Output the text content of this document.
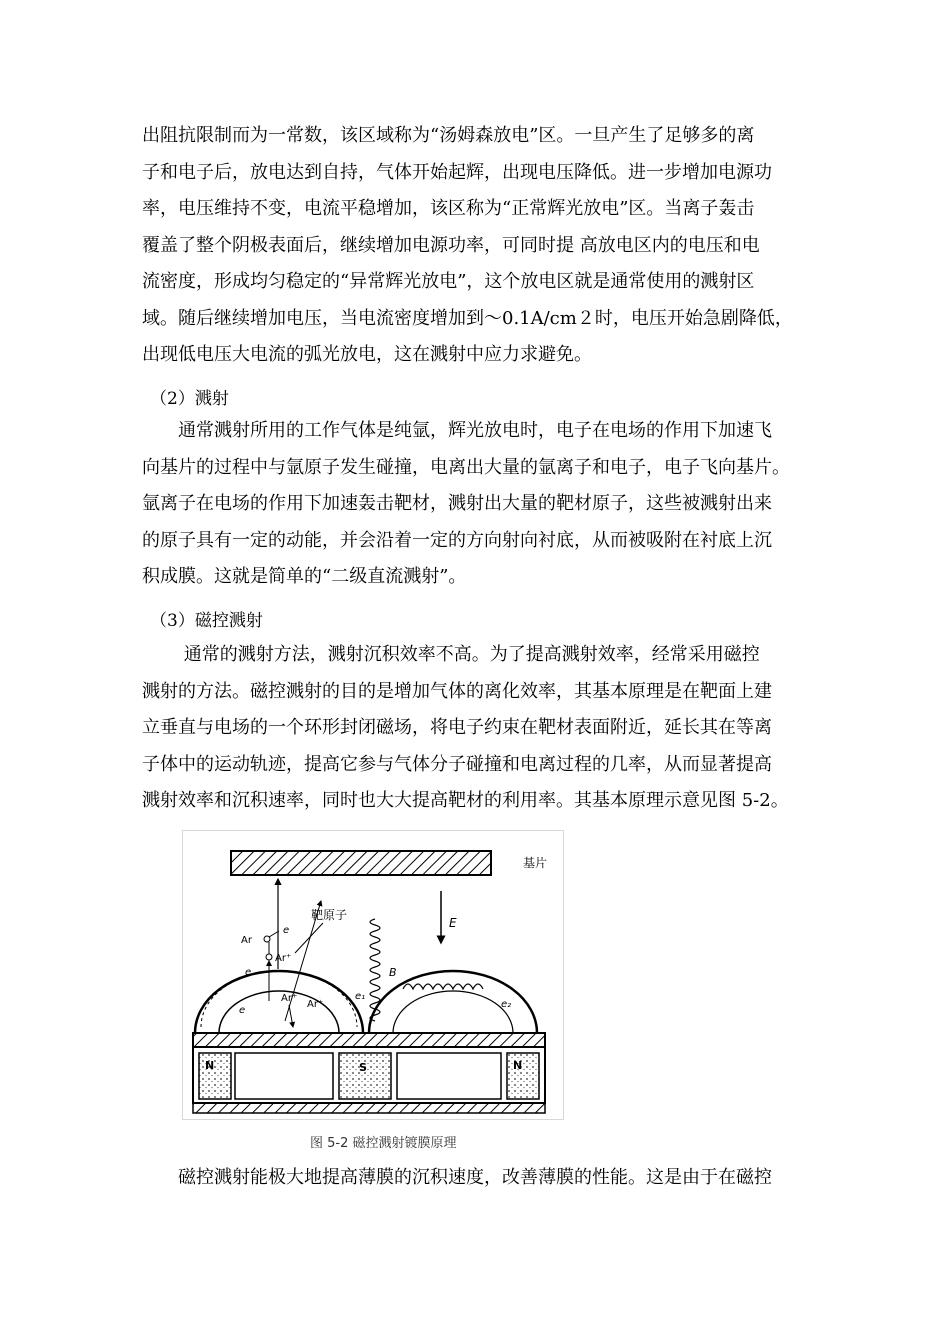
出阻抗限制而为一常数，该区域称为“汤姆森放电”区。一旦产生了足够多的离
子和电子后，放电达到自持，气体开始起辉，出现电压降低。进一步增加电源功
率，电压维持不变，电流平稳增加，该区称为“正常辉光放电”区。当离子轰击
覆盖了整个阴极表面后，继续增加电源功率，可同时提 高放电区内的电压和电
流密度，形成均匀稳定的“异常辉光放电”，这个放电区就是通常使用的溅射区
域。随后继续增加电压，当电流密度增加到～0.1A/cm２时，电压开始急剧降低，
出现低电压大电流的弧光放电，这在溅射中应力求避免。

（2）溅射

　　通常溅射所用的工作气体是纯氩，辉光放电时，电子在电场的作用下加速飞
向基片的过程中与氩原子发生碰撞，电离出大量的氩离子和电子，电子飞向基片。
氩离子在电场的作用下加速轰击靶材，溅射出大量的靶材原子，这些被溅射出来
的原子具有一定的动能，并会沿着一定的方向射向衬底，从而被吸附在衬底上沉
积成膜。这就是简单的“二级直流溅射”。

（3）磁控溅射

　　 通常的溅射方法，溅射沉积效率不高。为了提高溅射效率，经常采用磁控
溅射的方法。磁控溅射的目的是增加气体的离化效率，其基本原理是在靶面上建
立垂直与电场的一个环形封闭磁场，将电子约束在靶材表面附近，延长其在等离
子体中的运动轨迹，提高它参与气体分子碰撞和电离过程的几率，从而显著提高
溅射效率和沉积速率，同时也大大提高靶材的利用率。其基本原理示意见图 5-2。
基片
E
靶原子
Ar
e
Ar⁺
e	B
e₁
e
Ar⁺
Ar⁺	e₂
N	S	N
图 5-2 磁控溅射镀膜原理
　　磁控溅射能极大地提高薄膜的沉积速度，改善薄膜的性能。这是由于在磁控
